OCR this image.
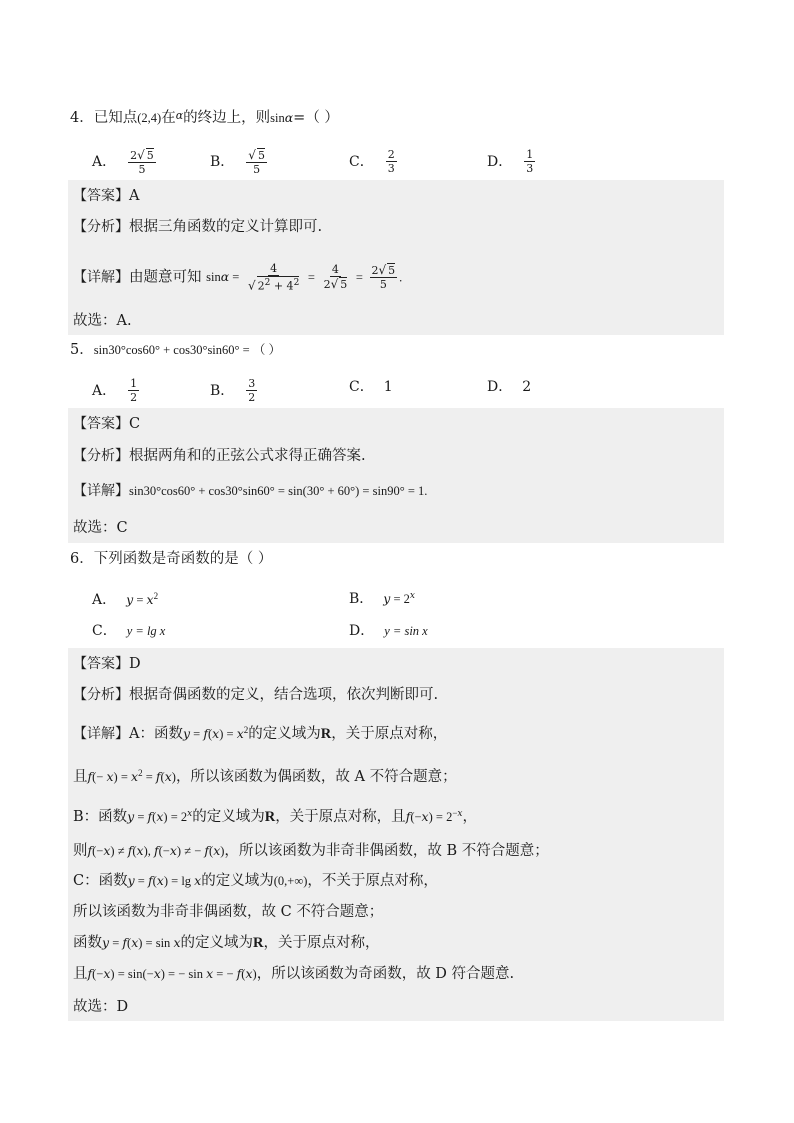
4．已知点(2,4)在$^\alpha$的终边上，则sinα=（ ）
A． $\frac{2√ 5}{5}$	B． $\frac{√ 5}{5}$	C． $\frac{2}{3}$	D． $\frac{1}{3}$
【答案】A
【分析】根据三角函数的定义计算即可.
【详解】由题意可知 $\sin\alpha = \frac{4}{√ 2^2 + 4^2} = \frac{4}{2√ 5} = \frac{2√ 5}{5}$ .
故选：A.
5．sin30°cos60° + cos30°sin60° = （ ）
A． $\frac{1}{2}$	B． $\frac{3}{2}$	C． 1	D． 2
【答案】C
【分析】根据两角和的正弦公式求得正确答案.
【详解】sin30°cos60° + cos30°sin60° = sin(30° + 60°) = sin90° = 1.
故选：C
6．下列函数是奇函数的是（ ）
A． $y = x^2$	B． $y = 2^x$
C． y = lg x	D． y = sin x
【答案】D
【分析】根据奇偶函数的定义，结合选项，依次判断即可.
【详解】A：函数$y = f(x) = x^2$的定义域为R，关于原点对称，
且$f(- x) = x^2 = f(x)$，所以该函数为偶函数，故 A 不符合题意；
B：函数$y = f(x) = 2^x$的定义域为R，关于原点对称，且$f(-x) = 2^{-x}$，
则f(−x) ≠ f(x), f(−x) ≠ − f(x)，所以该函数为非奇非偶函数，故 B 不符合题意；
C：函数y = f(x) = lg x的定义域为(0,+∞)，不关于原点对称，
所以该函数为非奇非偶函数，故 C 不符合题意；
函数y = f(x) = sin x的定义域为R，关于原点对称，
且f(−x) = sin(−x) = − sin x = − f(x)，所以该函数为奇函数，故 D 符合题意.
故选：D
